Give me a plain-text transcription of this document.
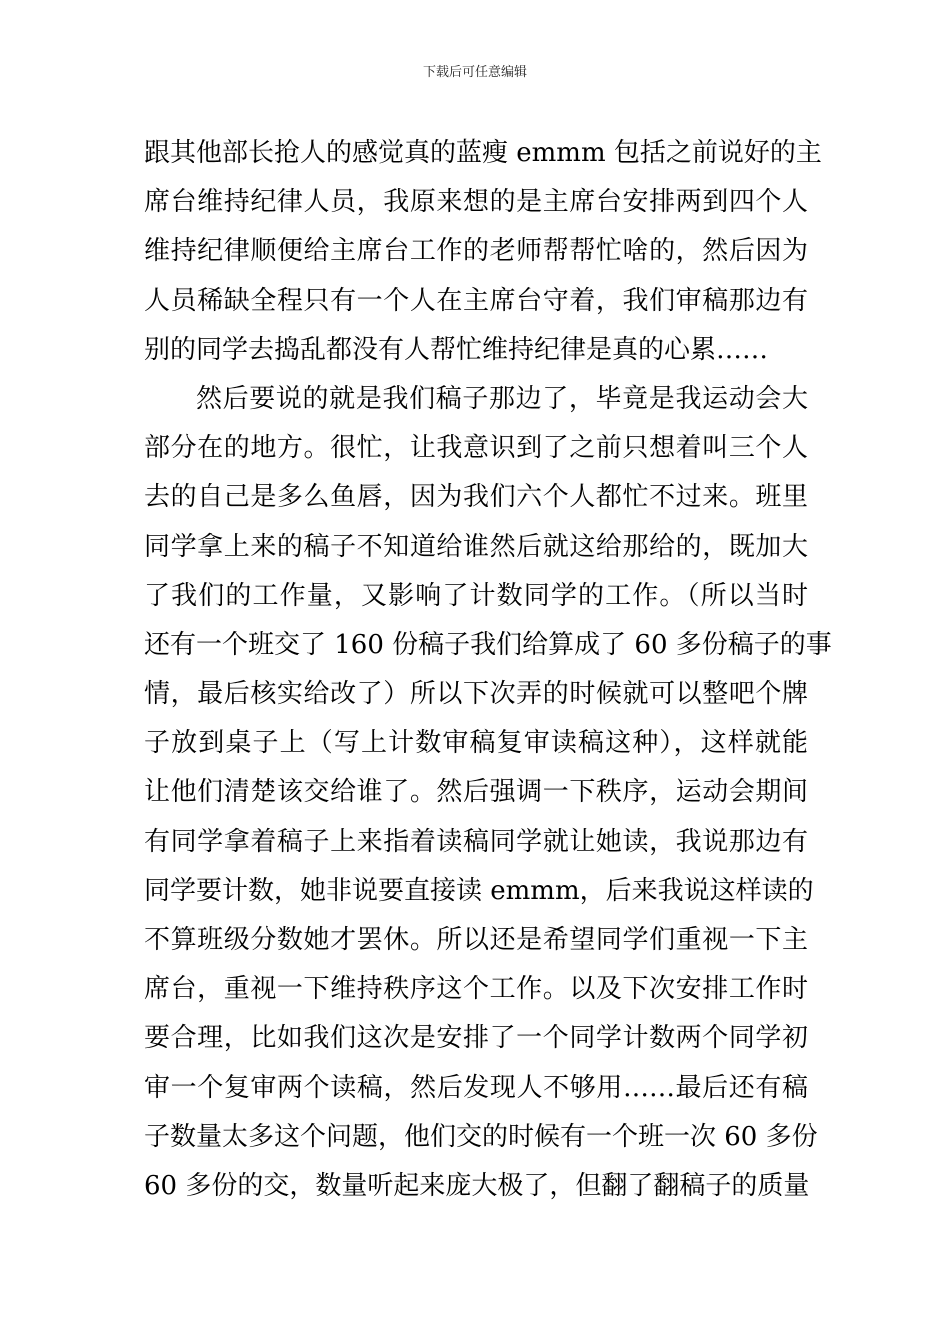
下载后可任意编辑
跟其他部长抢人的感觉真的蓝瘦 emmm 包括之前说好的主
席台维持纪律人员，我原来想的是主席台安排两到四个人
维持纪律顺便给主席台工作的老师帮帮忙啥的，然后因为
人员稀缺全程只有一个人在主席台守着，我们审稿那边有
别的同学去捣乱都没有人帮忙维持纪律是真的心累……
然后要说的就是我们稿子那边了，毕竟是我运动会大
部分在的地方。很忙，让我意识到了之前只想着叫三个人
去的自己是多么鱼唇，因为我们六个人都忙不过来。班里
同学拿上来的稿子不知道给谁然后就这给那给的，既加大
了我们的工作量，又影响了计数同学的工作。（所以当时
还有一个班交了 160 份稿子我们给算成了 60 多份稿子的事
情，最后核实给改了）所以下次弄的时候就可以整吧个牌
子放到桌子上（写上计数审稿复审读稿这种），这样就能
让他们清楚该交给谁了。然后强调一下秩序，运动会期间
有同学拿着稿子上来指着读稿同学就让她读，我说那边有
同学要计数，她非说要直接读 emmm，后来我说这样读的
不算班级分数她才罢休。所以还是希望同学们重视一下主
席台，重视一下维持秩序这个工作。以及下次安排工作时
要合理，比如我们这次是安排了一个同学计数两个同学初
审一个复审两个读稿，然后发现人不够用……最后还有稿
子数量太多这个问题，他们交的时候有一个班一次 60 多份
60 多份的交，数量听起来庞大极了，但翻了翻稿子的质量
